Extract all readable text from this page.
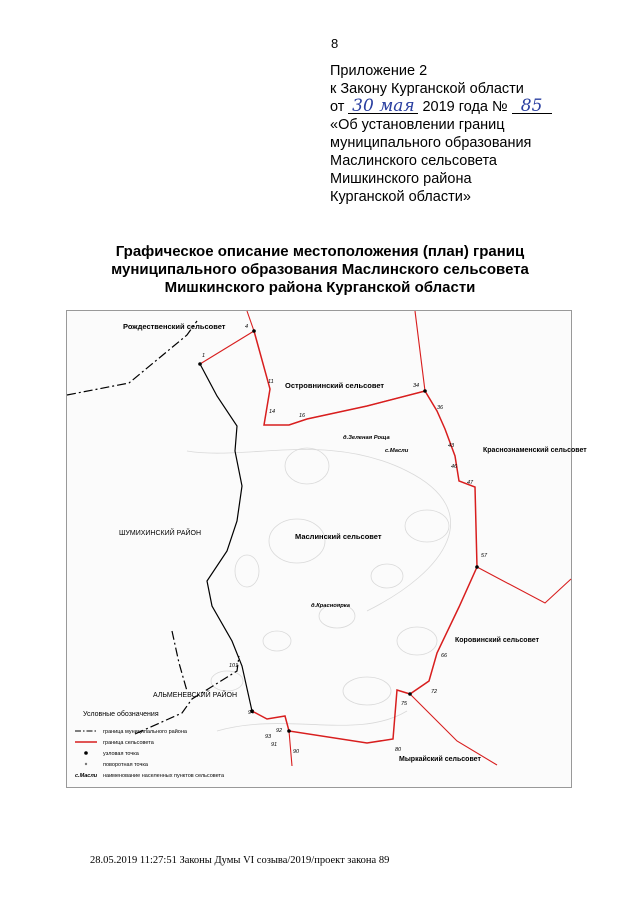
8
Приложение 2
к Закону Курганской области
от 30 мая 2019 года № 85
«Об установлении границ
муниципального образования
Маслинского сельсовета
Мишкинского района
Курганской области»
Графическое описание местоположения (план) границ
муниципального образования Маслинского сельсовета
Мишкинского района Курганской области
4
1
11
14
16
34
36
43
46
47
57
66
72
75
80
90
91
92
93
94
101
Рождественский сельсовет
Островнинский сельсовет
Краснознаменский сельсовет
ШУМИХИНСКИЙ РАЙОН	Маслинский сельсовет
Коровинский сельсовет
АЛЬМЕНЕВСКИЙ РАЙОН
Мыркайский сельсовет
д.Зеленая Роща
с.Масли
д.Красноярка
Условные обозначения
граница муниципального района
граница сельсовета
узловая точка
поворотная точка
с.Масли наименование населенных пунктов сельсовета
28.05.2019 11:27:51 Законы Думы VI созыва/2019/проект закона 89
